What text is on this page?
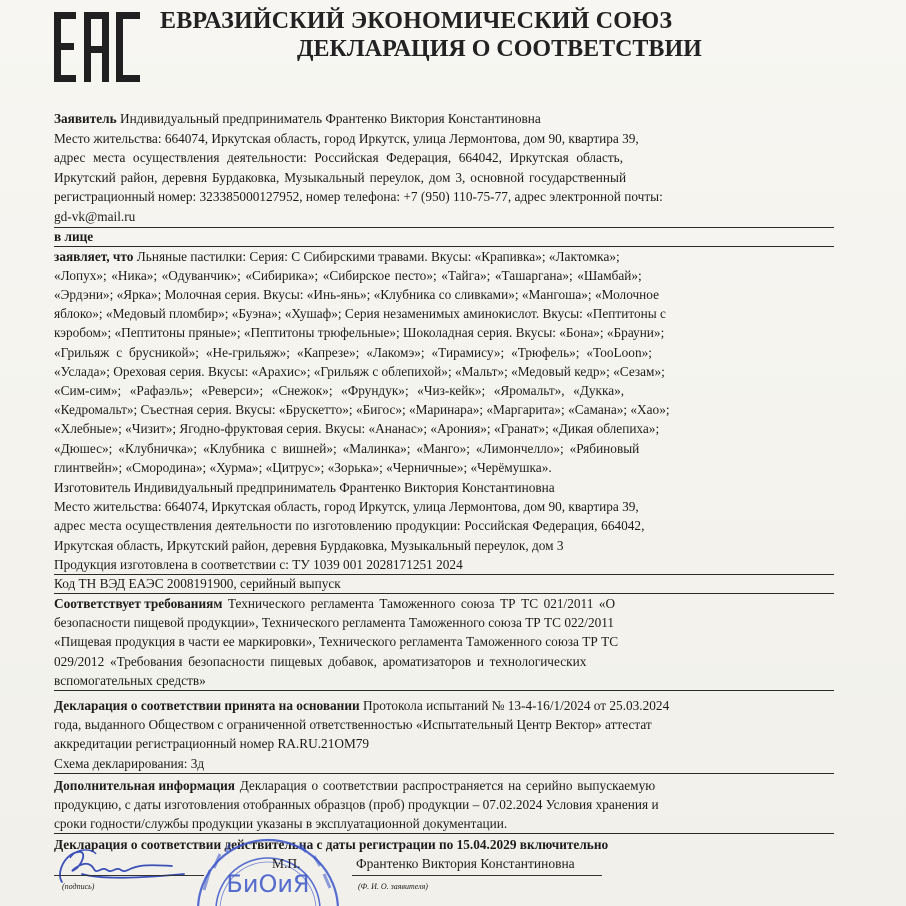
ЕВРАЗИЙСКИЙ ЭКОНОМИЧЕСКИЙ СОЮЗ
ДЕКЛАРАЦИЯ О СООТВЕТСТВИИ
Заявитель Индивидуальный предприниматель Франтенко Виктория Константиновна
Место жительства: 664074, Иркутская область, город Иркутск, улица Лермонтова, дом 90, квартира 39,
адрес места осуществления деятельности: Российская Федерация, 664042, Иркутская область,
Иркутский район, деревня Бурдаковка, Музыкальный переулок, дом 3, основной государственный
регистрационный номер: 323385000127952, номер телефона: +7 (950) 110-75-77, адрес электронной почты:
gd-vk@mail.ru
в лице
заявляет, что Льняные пастилки: Серия: С Сибирскими травами. Вкусы: «Крапивка»; «Лактомка»;
«Лопух»; «Ника»; «Одуванчик»; «Сибирика»; «Сибирское песто»; «Тайга»; «Ташаргана»; «Шамбай»;
«Эрдэни»; «Ярка»; Молочная серия. Вкусы: «Инь-янь»; «Клубника со сливками»; «Мангоша»; «Молочное
яблоко»; «Медовый пломбир»; «Буэна»; «Хушаф»; Серия незаменимых аминокислот. Вкусы: «Пептитоны с
кэробом»; «Пептитоны пряные»; «Пептитоны трюфельные»; Шоколадная серия. Вкусы: «Бона»; «Брауни»;
«Грильяж с брусникой»; «Не-грильяж»; «Капрезе»; «Лакомэ»; «Тирамису»; «Трюфель»; «TooLoon»;
«Услада»; Ореховая серия. Вкусы: «Арахис»; «Грильяж с облепихой»; «Мальт»; «Медовый кедр»; «Сезам»;
«Сим-сим»; «Рафаэль»; «Реверси»; «Снежок»; «Фрундук»; «Чиз-кейк»; «Яромальт», «Дукка»,
«Кедромальт»; Съестная серия. Вкусы: «Брускетто»; «Бигос»; «Маринара»; «Маргарита»; «Самана»; «Хао»;
«Хлебные»; «Чизит»; Ягодно-фруктовая серия. Вкусы: «Ананас»; «Арония»; «Гранат»; «Дикая облепиха»;
«Дюшес»; «Клубничка»; «Клубника с вишней»; «Малинка»; «Манго»; «Лимончелло»; «Рябиновый
глинтвейн»; «Смородина»; «Хурма»; «Цитрус»; «Зорька»; «Черничные»; «Черёмушка».
Изготовитель Индивидуальный предприниматель Франтенко Виктория Константиновна
Место жительства: 664074, Иркутская область, город Иркутск, улица Лермонтова, дом 90, квартира 39,
адрес места осуществления деятельности по изготовлению продукции: Российская Федерация, 664042,
Иркутская область, Иркутский район, деревня Бурдаковка, Музыкальный переулок, дом 3
Продукция изготовлена в соответствии с: ТУ 1039 001 2028171251 2024
Код ТН ВЭД ЕАЭС 2008191900, серийный выпуск
Соответствует требованиям Технического регламента Таможенного союза ТР ТС 021/2011 «О
безопасности пищевой продукции», Технического регламента Таможенного союза ТР ТС 022/2011
«Пищевая продукция в части ее маркировки», Технического регламента Таможенного союза ТР ТС
029/2012 «Требования безопасности пищевых добавок, ароматизаторов и технологических
вспомогательных средств»
Декларация о соответствии принята на основании Протокола испытаний № 13-4-16/1/2024 от 25.03.2024
года, выданного Обществом с ограниченной ответственностью «Испытательный Центр Вектор» аттестат
аккредитации регистрационный номер RA.RU.21ОМ79
Схема декларирования: 3д
Дополнительная информация Декларация о соответствии распространяется на серийно выпускаемую
продукцию, с даты изготовления отобранных образцов (проб) продукции – 07.02.2024 Условия хранения и
сроки годности/службы продукции указаны в эксплуатационной документации.
Декларация о соответствии действительна с даты регистрации по 15.04.2029 включительно
(подпись)	БиОиЯ
М.П.	Франтенко Виктория Константиновна
(Ф. И. О. заявителя)
